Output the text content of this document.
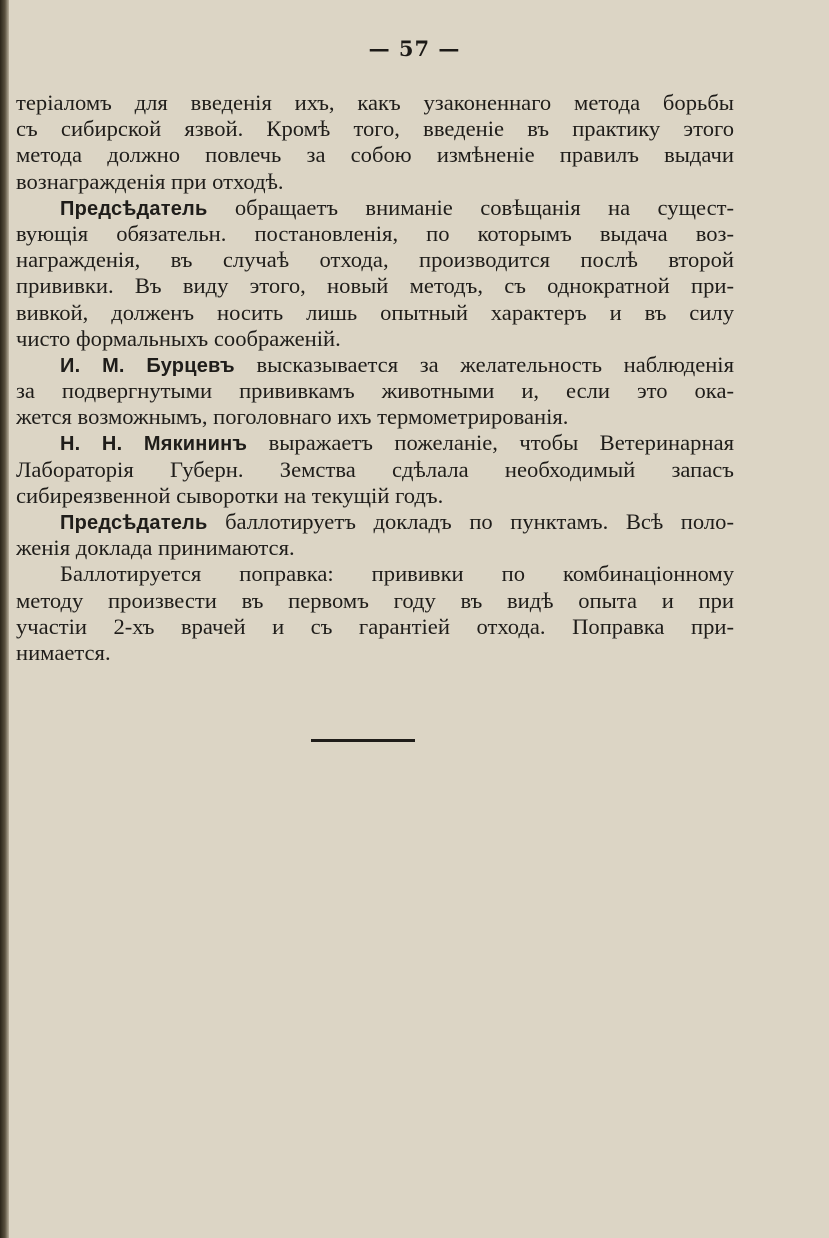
— 57 —
теріаломъ для введенія ихъ, какъ узаконеннаго метода борьбы
съ сибирской язвой. Кромѣ того, введеніе въ практику этого
метода должно повлечь за собою измѣненіе правилъ выдачи
вознагражденія при отходѣ.
Предсѣдатель обращаетъ вниманіе совѣщанія на сущест-
вующія обязательн. постановленія, по которымъ выдача воз-
награжденія, въ случаѣ отхода, производится послѣ второй
прививки. Въ виду этого, новый методъ, съ однократной при-
вивкой, долженъ носить лишь опытный характеръ и въ силу
чисто формальныхъ соображеній.
И. М. Бурцевъ высказывается за желательность наблюденія
за подвергнутыми прививкамъ животными и, если это ока-
жется возможнымъ, поголовнаго ихъ термометрированія.
Н. Н. Мякининъ выражаетъ пожеланіе, чтобы Ветеринарная
Лабораторія Губерн. Земства сдѣлала необходимый запасъ
сибиреязвенной сыворотки на текущій годъ.
Предсѣдатель баллотируетъ докладъ по пунктамъ. Всѣ поло-
женія доклада принимаются.
Баллотируется поправка: прививки по комбинаціонному
методу произвести въ первомъ году въ видѣ опыта и при
участіи 2-хъ врачей и съ гарантіей отхода. Поправка при-
нимается.
